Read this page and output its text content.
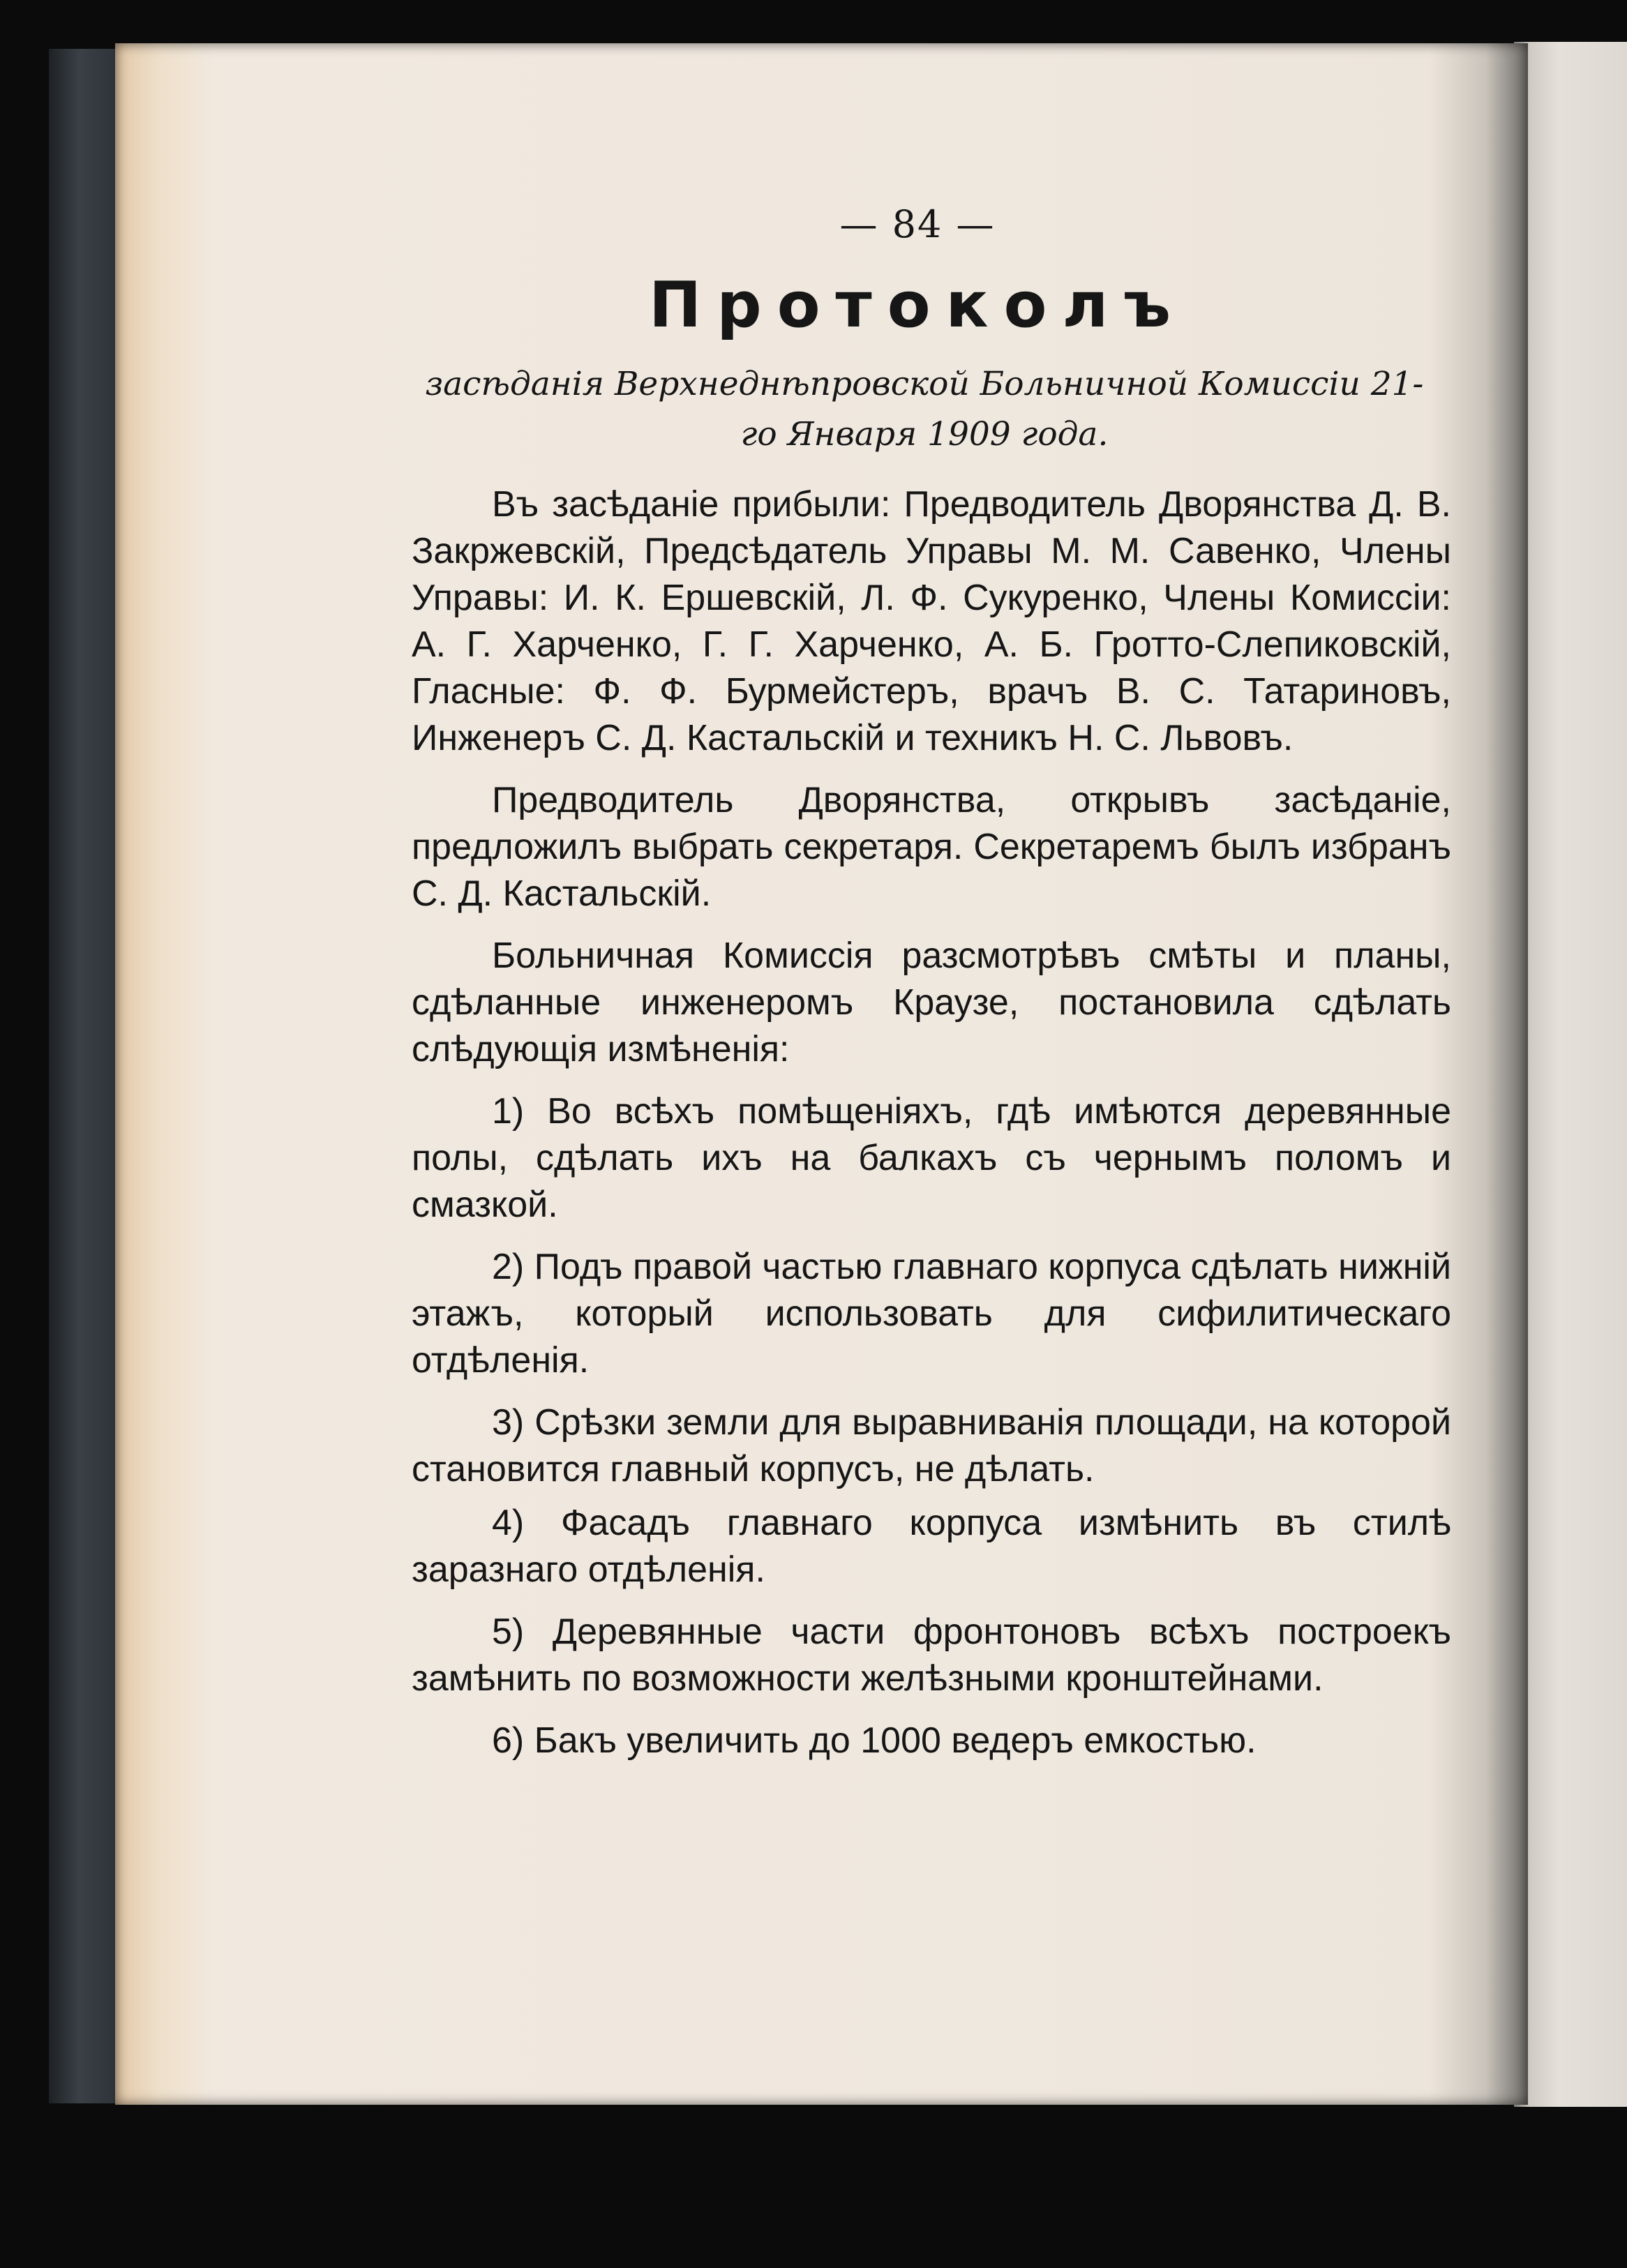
— 84 —
Протоколъ
засѣданія Верхнеднѣпровской Больничной Комиссіи 21-го Января 1909 года.

Въ засѣданіе прибыли: Предводитель Дворянства Д. В. Закржевскій, Предсѣдатель Управы М. М. Савенко, Члены Управы: И. К. Ершевскій, Л. Ф. Сукуренко, Члены Комиссіи: А. Г. Харченко, Г. Г. Харченко, А. Б. Гротто-Слепиковскій, Гласные: Ф. Ф. Бурмейстеръ, врачъ В. С. Татариновъ, Инженеръ С. Д. Кастальскій и техникъ Н. С. Львовъ.

Предводитель Дворянства, открывъ засѣданіе, предложилъ выбрать секретаря. Секретаремъ былъ избранъ С. Д. Кастальскій.

Больничная Комиссія разсмотрѣвъ смѣты и планы, сдѣланные инженеромъ Краузе, постановила сдѣлать слѣдующія измѣненія:

1) Во всѣхъ помѣщеніяхъ, гдѣ имѣются деревянные полы, сдѣлать ихъ на балкахъ съ чернымъ поломъ и смазкой.

2) Подъ правой частью главнаго корпуса сдѣлать нижній этажъ, который использовать для сифилитическаго отдѣленія.

3) Срѣзки земли для выравниванія площади, на которой становится главный корпусъ, не дѣлать.

4) Фасадъ главнаго корпуса измѣнить въ стилѣ заразнаго отдѣленія.

5) Деревянные части фронтоновъ всѣхъ построекъ замѣнить по возможности желѣзными кронштейнами.

6) Бакъ увеличить до 1000 ведеръ емкостью.
